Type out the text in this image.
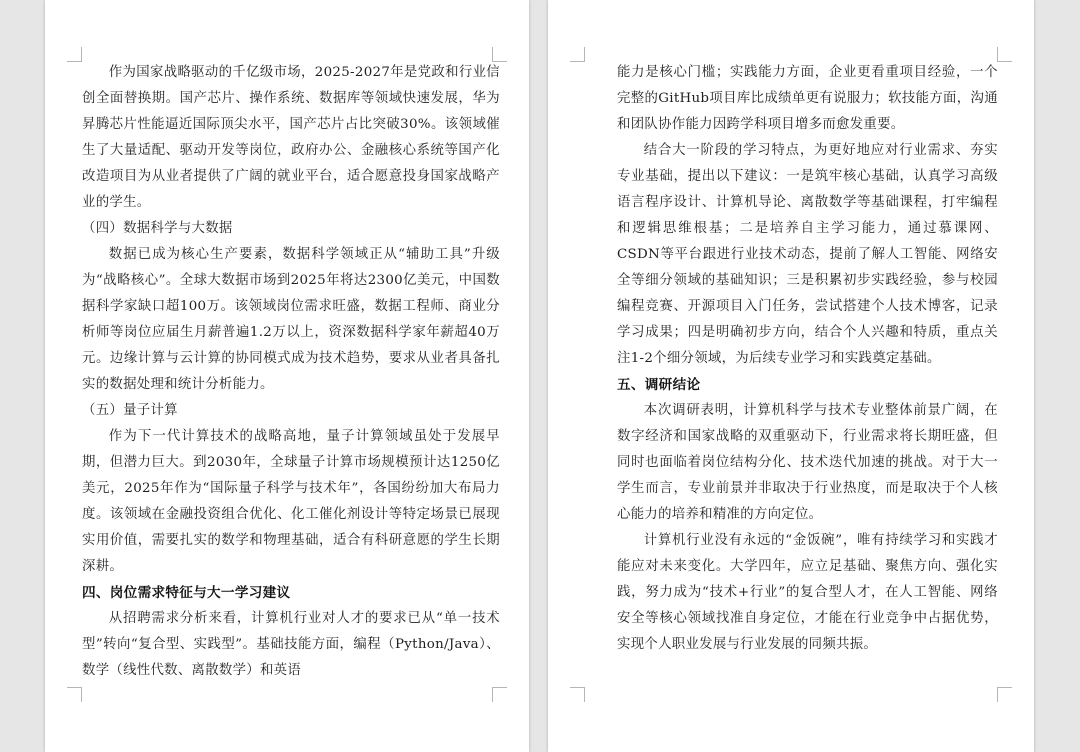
作为国家战略驱动的千亿级市场，2025-2027年是党政和行业信创全面替换期。国产芯片、操作系统、数据库等领域快速发展，华为昇腾芯片性能逼近国际顶尖水平，国产芯片占比突破30%。该领域催生了大量适配、驱动开发等岗位，政府办公、金融核心系统等国产化改造项目为从业者提供了广阔的就业平台，适合愿意投身国家战略产业的学生。

（四）数据科学与大数据

数据已成为核心生产要素，数据科学领域正从“辅助工具”升级为“战略核心”。全球大数据市场到2025年将达2300亿美元，中国数据科学家缺口超100万。该领域岗位需求旺盛，数据工程师、商业分析师等岗位应届生月薪普遍1.2万以上，资深数据科学家年薪超40万元。边缘计算与云计算的协同模式成为技术趋势，要求从业者具备扎实的数据处理和统计分析能力。

（五）量子计算

作为下一代计算技术的战略高地，量子计算领域虽处于发展早期，但潜力巨大。到2030年，全球量子计算市场规模预计达1250亿美元，2025年作为“国际量子科学与技术年”，各国纷纷加大布局力度。该领域在金融投资组合优化、化工催化剂设计等特定场景已展现实用价值，需要扎实的数学和物理基础，适合有科研意愿的学生长期深耕。

四、岗位需求特征与大一学习建议

从招聘需求分析来看，计算机行业对人才的要求已从“单一技术型”转向“复合型、实践型”。基础技能方面，编程（Python/Java）、数学（线性代数、离散数学）和英语

能力是核心门槛；实践能力方面，企业更看重项目经验，一个完整的GitHub项目库比成绩单更有说服力；软技能方面，沟通和团队协作能力因跨学科项目增多而愈发重要。

结合大一阶段的学习特点，为更好地应对行业需求、夯实专业基础，提出以下建议：一是筑牢核心基础，认真学习高级语言程序设计、计算机导论、离散数学等基础课程，打牢编程和逻辑思维根基；二是培养自主学习能力，通过慕课网、CSDN等平台跟进行业技术动态，提前了解人工智能、网络安全等细分领域的基础知识；三是积累初步实践经验，参与校园编程竞赛、开源项目入门任务，尝试搭建个人技术博客，记录学习成果；四是明确初步方向，结合个人兴趣和特质，重点关注1-2个细分领域，为后续专业学习和实践奠定基础。

五、调研结论

本次调研表明，计算机科学与技术专业整体前景广阔，在数字经济和国家战略的双重驱动下，行业需求将长期旺盛，但同时也面临着岗位结构分化、技术迭代加速的挑战。对于大一学生而言，专业前景并非取决于行业热度，而是取决于个人核心能力的培养和精准的方向定位。

计算机行业没有永远的“金饭碗”，唯有持续学习和实践才能应对未来变化。大学四年，应立足基础、聚焦方向、强化实践，努力成为“技术+行业”的复合型人才，在人工智能、网络安全等核心领域找准自身定位，才能在行业竞争中占据优势，实现个人职业发展与行业发展的同频共振。
